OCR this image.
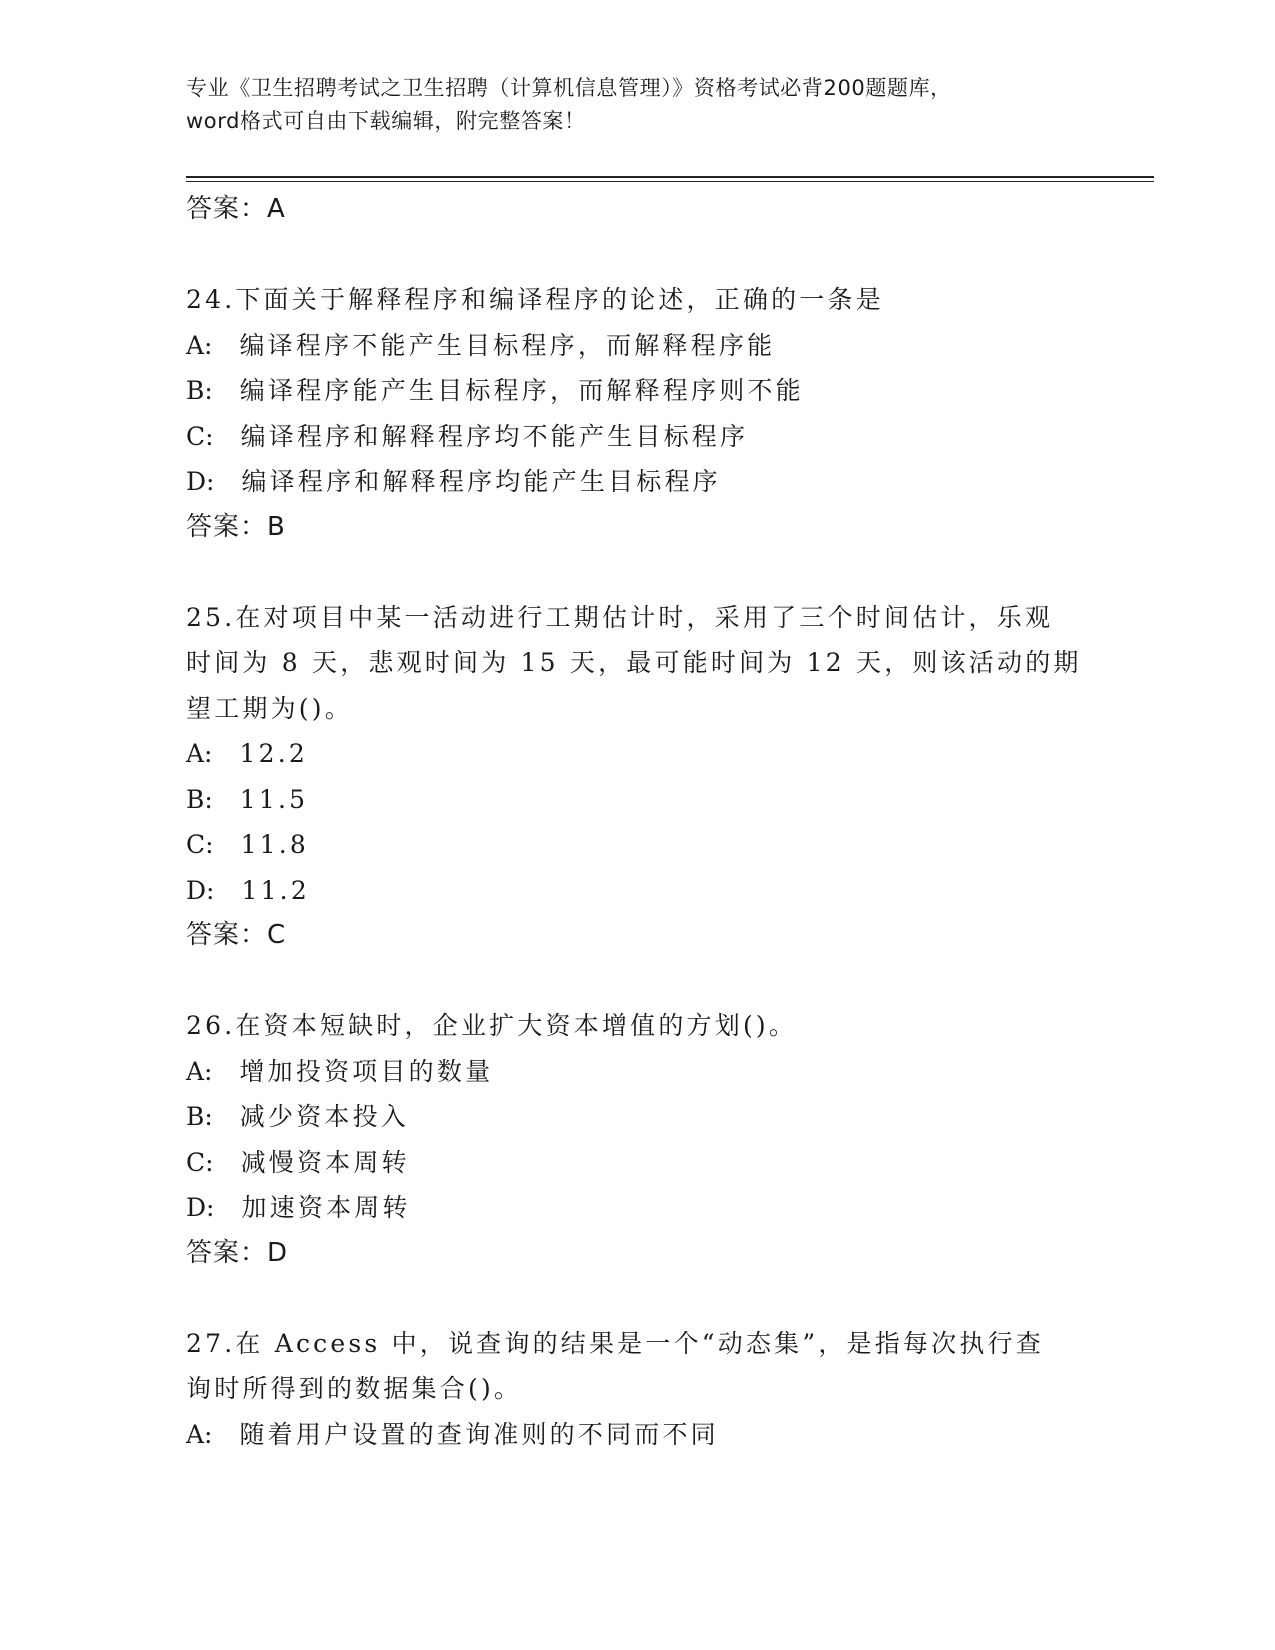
专业《卫生招聘考试之卫生招聘（计算机信息管理）》资格考试必背200题题库，
word格式可自由下载编辑，附完整答案！
答案：A
24.下面关于解释程序和编译程序的论述，正确的一条是
A: 编译程序不能产生目标程序，而解释程序能
B: 编译程序能产生目标程序，而解释程序则不能
C: 编译程序和解释程序均不能产生目标程序
D: 编译程序和解释程序均能产生目标程序
答案：B
25.在对项目中某一活动进行工期估计时，采用了三个时间估计，乐观
时间为 8 天，悲观时间为 15 天，最可能时间为 12 天，则该活动的期
望工期为()。
A: 12.2
B: 11.5
C: 11.8
D: 11.2
答案：C
26.在资本短缺时，企业扩大资本增值的方划()。
A: 增加投资项目的数量
B: 减少资本投入
C: 减慢资本周转
D: 加速资本周转
答案：D
27.在 Access 中，说查询的结果是一个“动态集”，是指每次执行查
询时所得到的数据集合()。
A: 随着用户设置的查询准则的不同而不同
